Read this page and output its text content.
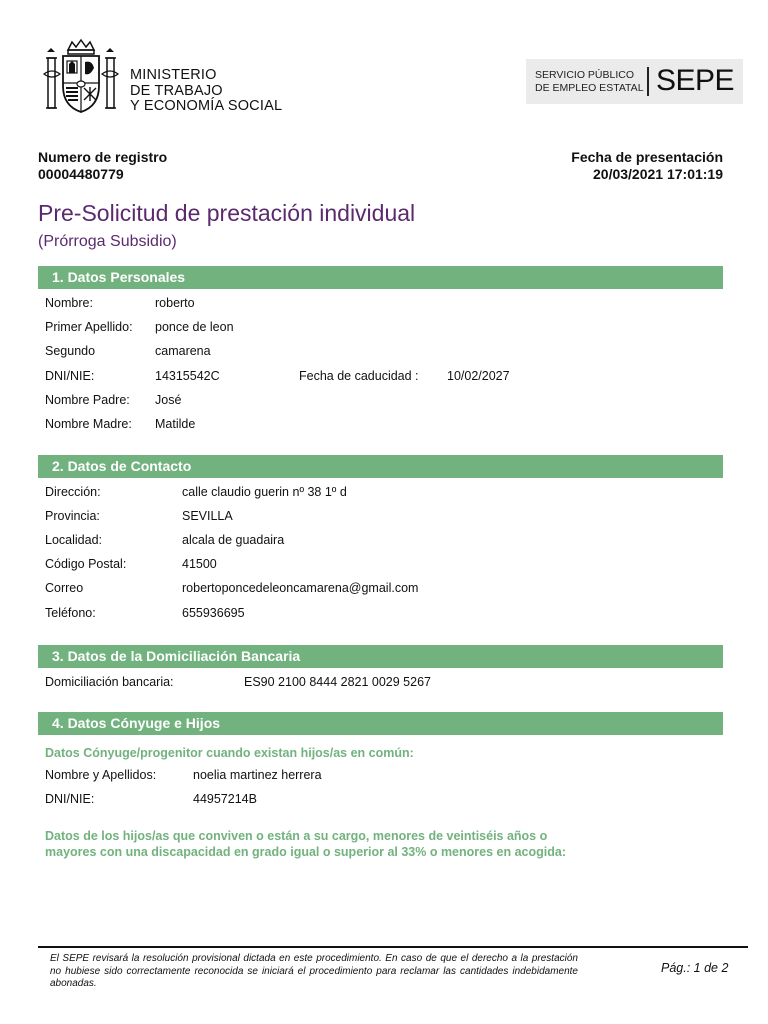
MINISTERIO
DE TRABAJO
Y ECONOMÍA SOCIAL
SERVICIO PÚBLICO
DE EMPLEO ESTATAL SEPE
Numero de registro
00004480779
Fecha de presentación
20/03/2021 17:01:19
Pre-Solicitud de prestación individual
(Prórroga Subsidio)
1. Datos Personales
Nombre:	roberto
Primer Apellido: ponce de leon
Segundo	camarena
DNI/NIE:	14315542C	Fecha de caducidad : 10/02/2027
Nombre Padre: José
Nombre Madre: Matilde
2. Datos de Contacto
Dirección:	calle claudio guerin nº 38 1º d
Provincia:	SEVILLA
Localidad:	alcala de guadaira
Código Postal:	41500
Correo	robertoponcedeleoncamarena@gmail.com
Teléfono:	655936695
3. Datos de la Domiciliación Bancaria
Domiciliación bancaria:	ES90 2100 8444 2821 0029 5267
4. Datos Cónyuge e Hijos
Datos Cónyuge/progenitor cuando existan hijos/as en común:
Nombre y Apellidos:	noelia martinez herrera
DNI/NIE:	44957214B
Datos de los hijos/as que conviven o están a su cargo, menores de veintiséis años o
mayores con una discapacidad en grado igual o superior al 33% o menores en acogida:
El SEPE revisará la resolución provisional dictada en este procedimiento. En caso de que el derecho a la prestación no hubiese sido correctamente reconocida se iniciará el procedimiento para reclamar las cantidades indebidamente abonadas.
Pág.: 1 de 2
